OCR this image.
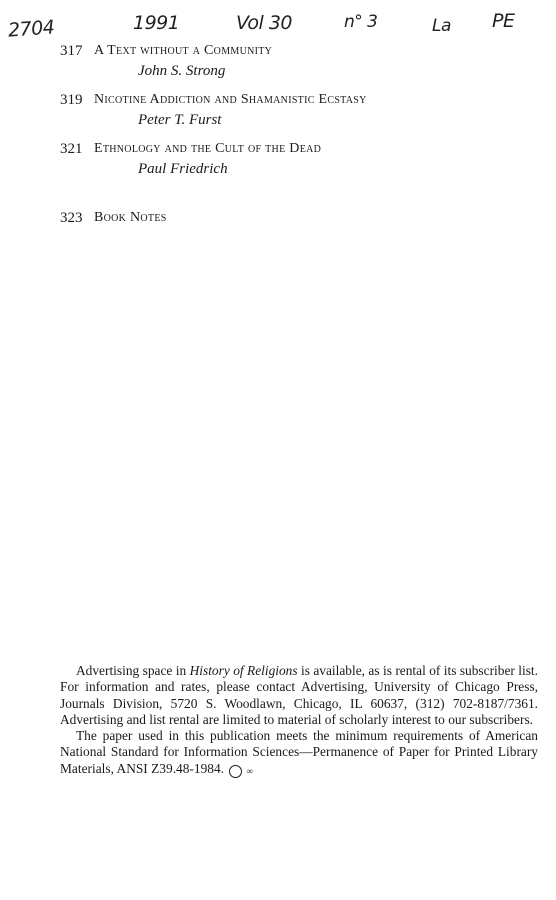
2704	1991	Vol 30	n° 3	La PE
317 A Text without a Community
John S. Strong
319 Nicotine Addiction and Shamanistic Ecstasy
Peter T. Furst
321 Ethnology and the Cult of the Dead
Paul Friedrich
323 Book Notes

Advertising space in History of Religions is available, as is rental of its subscriber list. For information and rates, please contact Advertising, University of Chicago Press, Journals Division, 5720 S. Woodlawn, Chicago, IL 60637, (312) 702-8187/7361. Advertising and list rental are limited to material of scholarly interest to our subscribers.

The paper used in this publication meets the minimum requirements of American National Standard for Information Sciences—Permanence of Paper for Printed Library Materials, ANSI Z39.48-1984. ∞
